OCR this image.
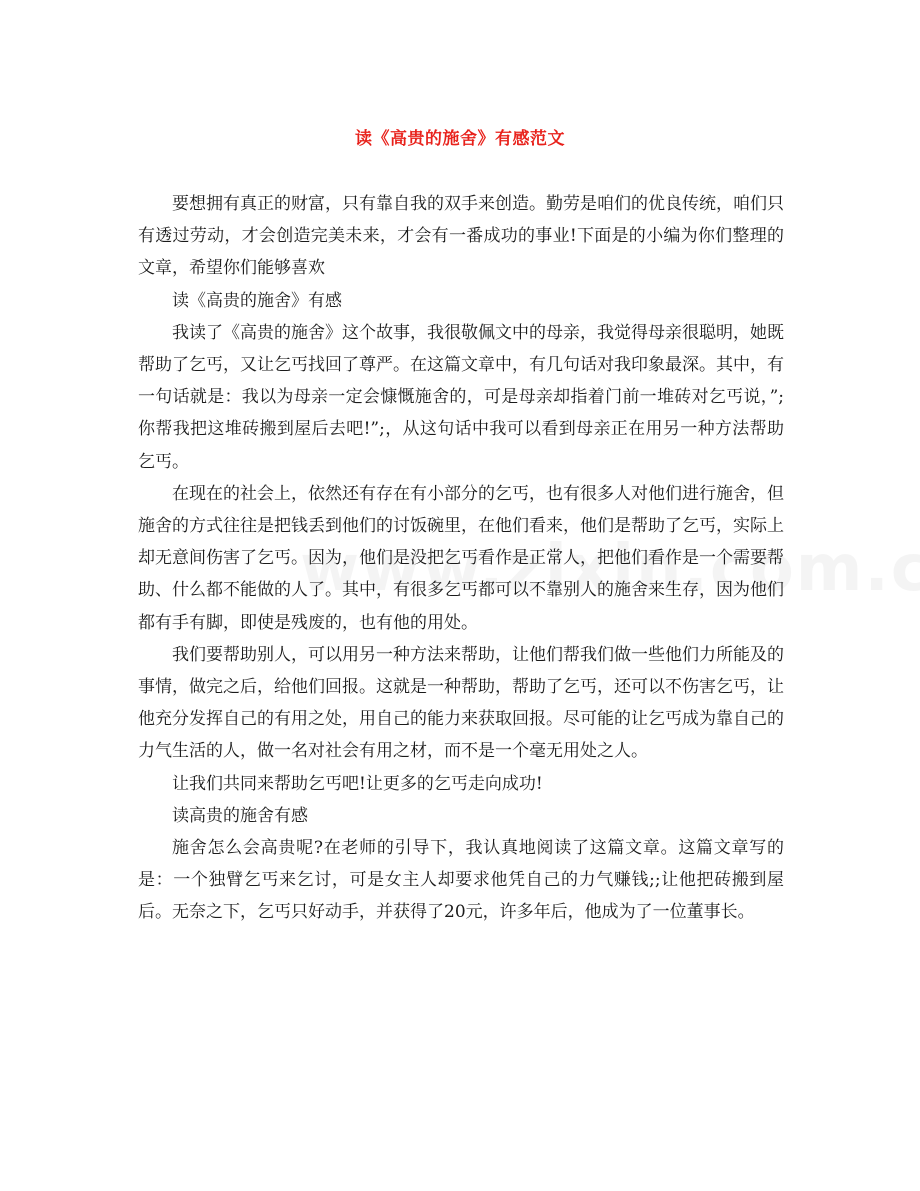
读《高贵的施舍》有感范文

要想拥有真正的财富，只有靠自我的双手来创造。勤劳是咱们的优良传统，咱们只有透过劳动，才会创造完美未来，才会有一番成功的事业!下面是的小编为你们整理的文章，希望你们能够喜欢

读《高贵的施舍》有感

我读了《高贵的施舍》这个故事，我很敬佩文中的母亲，我觉得母亲很聪明，她既帮助了乞丐，又让乞丐找回了尊严。在这篇文章中，有几句话对我印象最深。其中，有一句话就是：我以为母亲一定会慷慨施舍的，可是母亲却指着门前一堆砖对乞丐说，”;你帮我把这堆砖搬到屋后去吧!”;，从这句话中我可以看到母亲正在用另一种方法帮助乞丐。

在现在的社会上，依然还有存在有小部分的乞丐，也有很多人对他们进行施舍，但施舍的方式往往是把钱丢到他们的讨饭碗里，在他们看来，他们是帮助了乞丐，实际上却无意间伤害了乞丐。因为，他们是没把乞丐看作是正常人，把他们看作是一个需要帮助、什么都不能做的人了。其中，有很多乞丐都可以不靠别人的施舍来生存，因为他们都有手有脚，即使是残废的，也有他的用处。

我们要帮助别人，可以用另一种方法来帮助，让他们帮我们做一些他们力所能及的事情，做完之后，给他们回报。这就是一种帮助，帮助了乞丐，还可以不伤害乞丐，让他充分发挥自己的有用之处，用自己的能力来获取回报。尽可能的让乞丐成为靠自己的力气生活的人，做一名对社会有用之材，而不是一个毫无用处之人。

让我们共同来帮助乞丐吧!让更多的乞丐走向成功!

读高贵的施舍有感

施舍怎么会高贵呢?在老师的引导下，我认真地阅读了这篇文章。这篇文章写的是：一个独臂乞丐来乞讨，可是女主人却要求他凭自己的力气赚钱;;让他把砖搬到屋后。无奈之下，乞丐只好动手，并获得了20元，许多年后，他成为了一位董事长。
